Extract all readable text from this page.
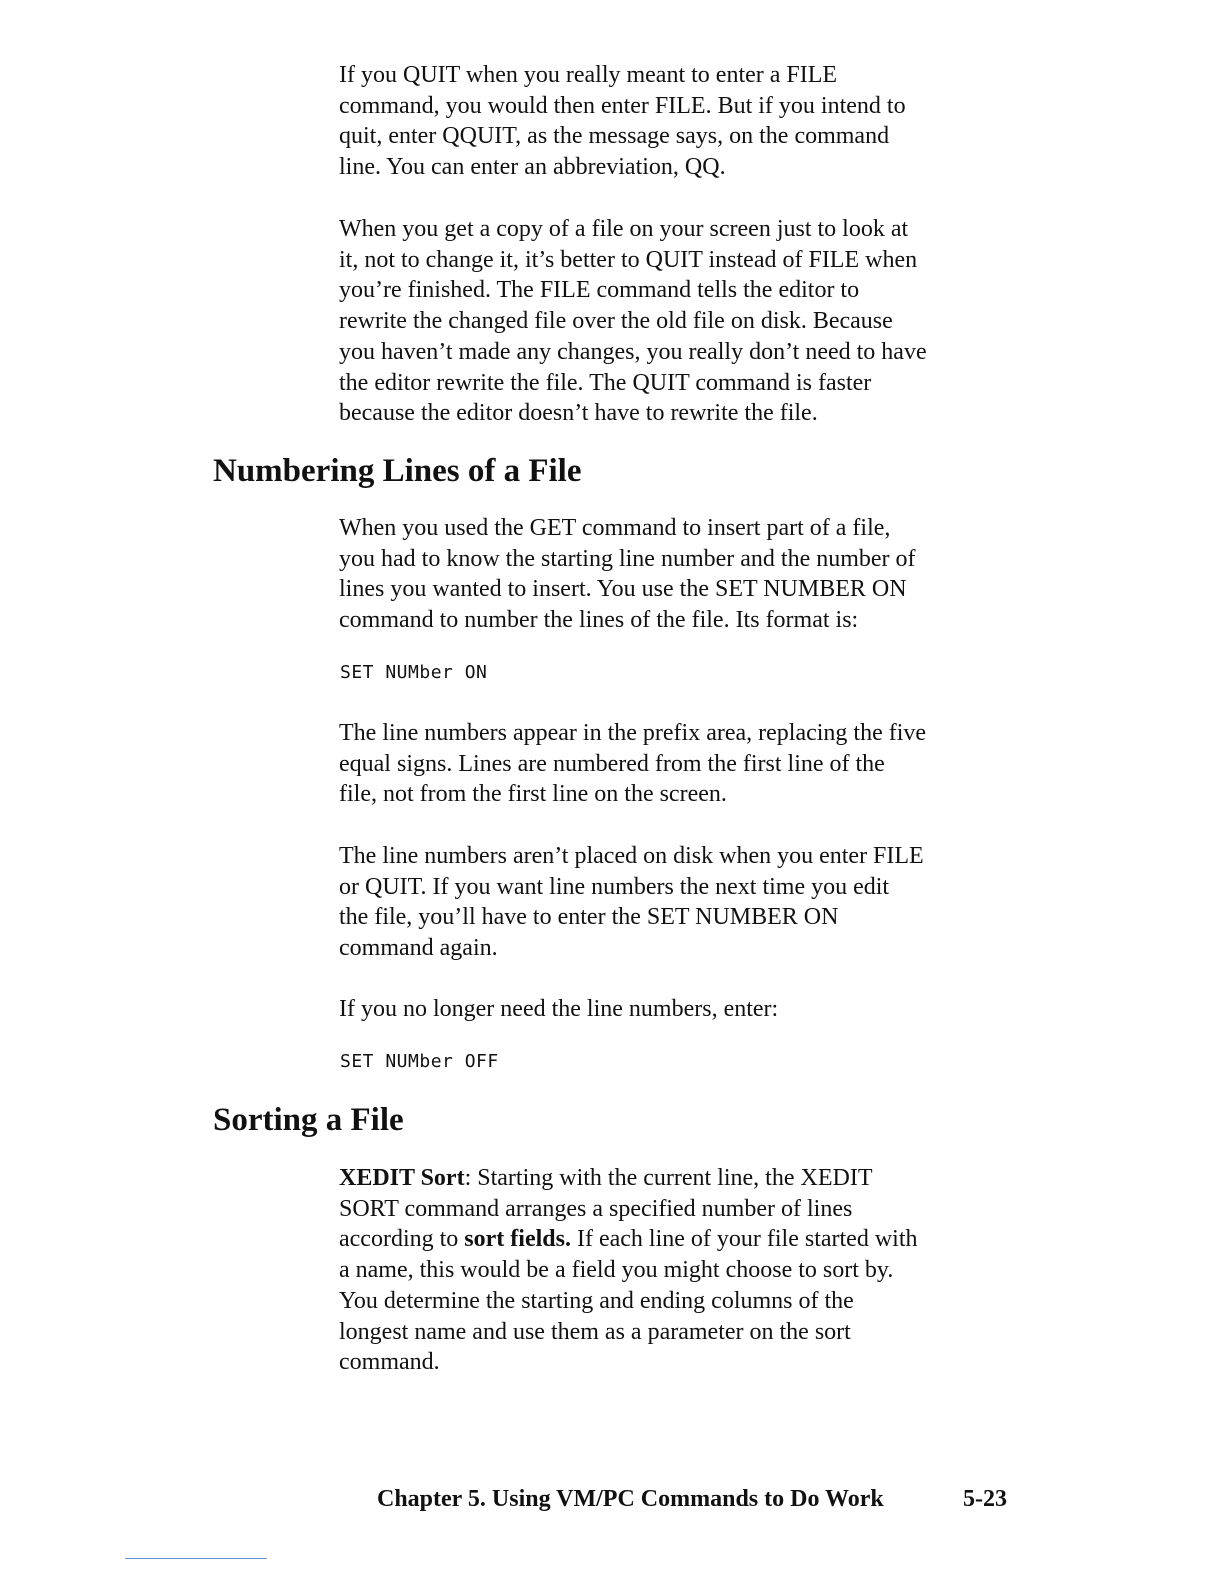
If you QUIT when you really meant to enter a FILE
command, you would then enter FILE. But if you intend to
quit, enter QQUIT, as the message says, on the command
line. You can enter an abbreviation, QQ.

When you get a copy of a file on your screen just to look at
it, not to change it, it’s better to QUIT instead of FILE when
you’re finished. The FILE command tells the editor to
rewrite the changed file over the old file on disk. Because
you haven’t made any changes, you really don’t need to have
the editor rewrite the file. The QUIT command is faster
because the editor doesn’t have to rewrite the file.

Numbering Lines of a File

When you used the GET command to insert part of a file,
you had to know the starting line number and the number of
lines you wanted to insert. You use the SET NUMBER ON
command to number the lines of the file. Its format is:

SET NUMber ON

The line numbers appear in the prefix area, replacing the five
equal signs. Lines are numbered from the first line of the
file, not from the first line on the screen.

The line numbers aren’t placed on disk when you enter FILE
or QUIT. If you want line numbers the next time you edit
the file, you’ll have to enter the SET NUMBER ON
command again.

If you no longer need the line numbers, enter:

SET NUMber OFF
Sorting a File

XEDIT Sort: Starting with the current line, the XEDIT
SORT command arranges a specified number of lines
according to sort fields. If each line of your file started with
a name, this would be a field you might choose to sort by.
You determine the starting and ending columns of the
longest name and use them as a parameter on the sort
command.

Chapter 5. Using VM/PC Commands to Do Work	5-23
